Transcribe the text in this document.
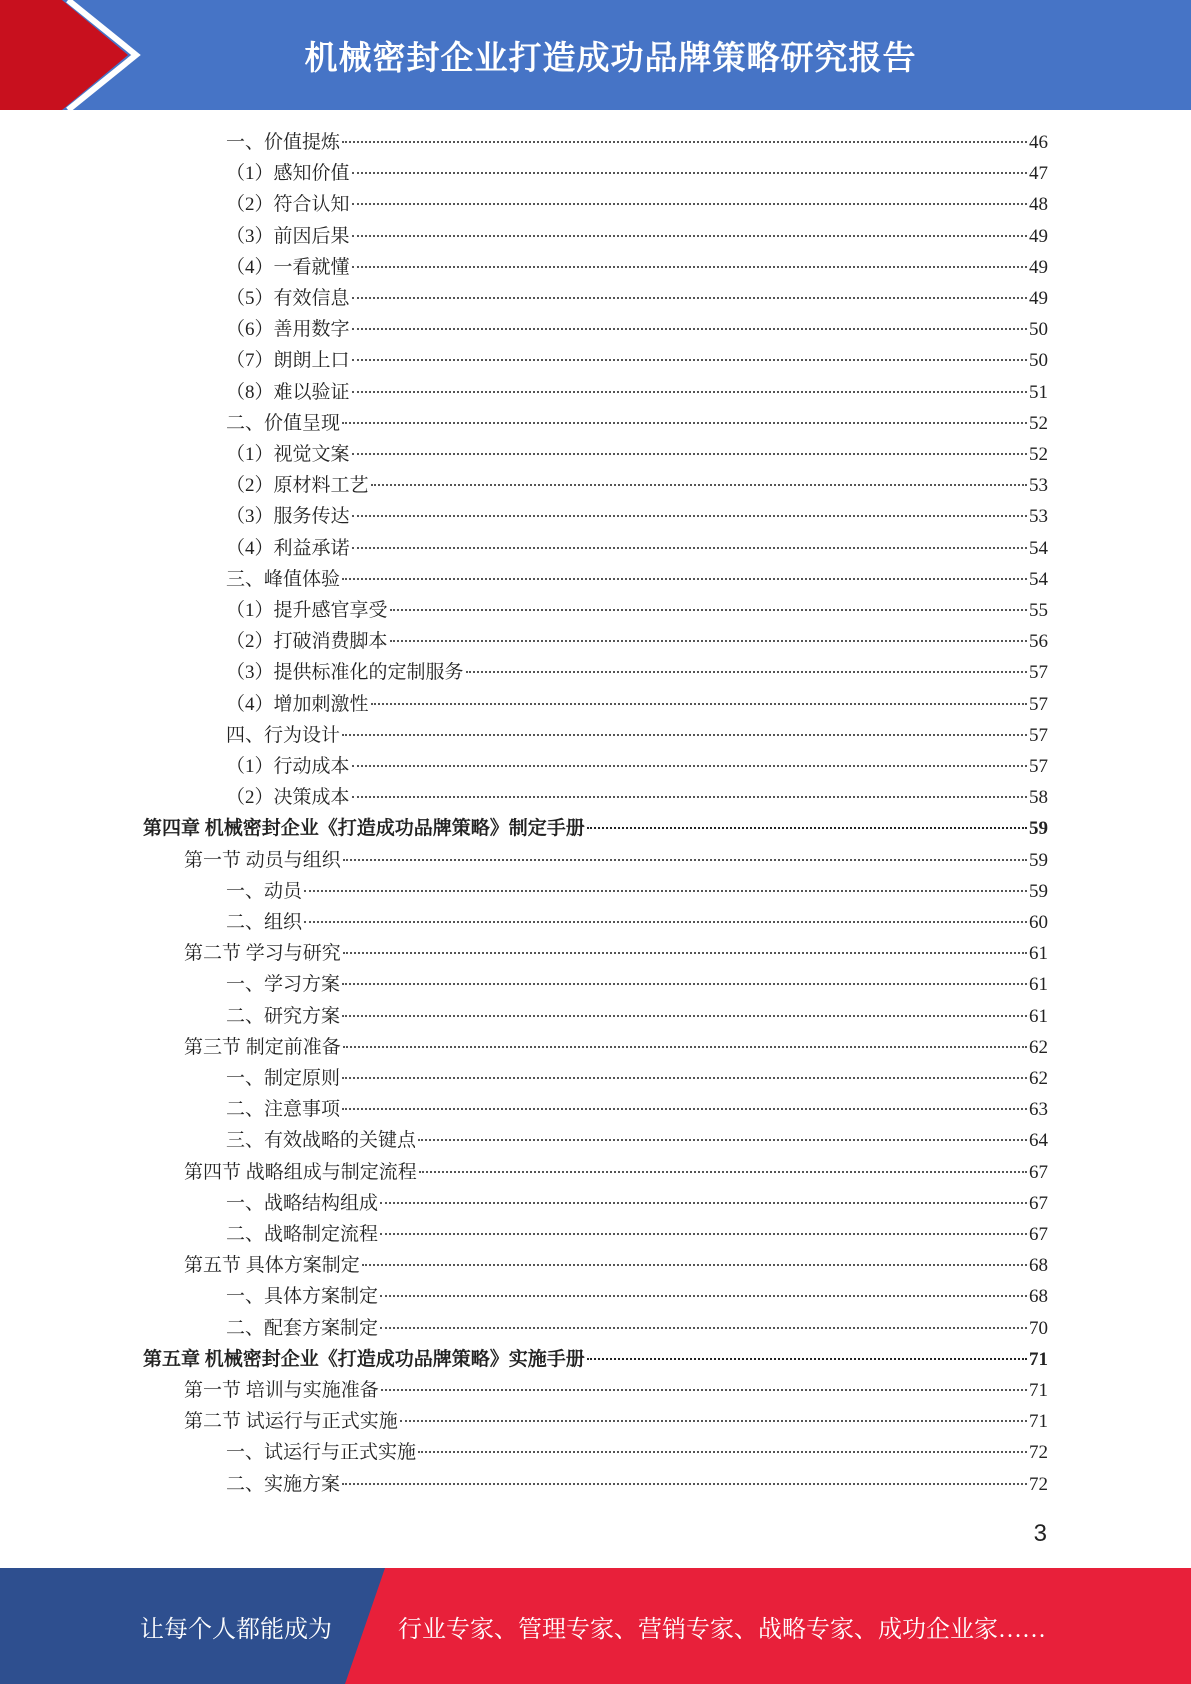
机械密封企业打造成功品牌策略研究报告
一、价值提炼	46
（1）感知价值	47
（2）符合认知	48
（3）前因后果	49
（4）一看就懂	49
（5）有效信息	49
（6）善用数字	50
（7）朗朗上口	50
（8）难以验证	51
二、价值呈现	52
（1）视觉文案	52
（2）原材料工艺	53
（3）服务传达	53
（4）利益承诺	54
三、峰值体验	54
（1）提升感官享受	55
（2）打破消费脚本	56
（3）提供标准化的定制服务	57
（4）增加刺激性	57
四、行为设计	57
（1）行动成本	57
（2）决策成本	58
第四章 机械密封企业《打造成功品牌策略》制定手册	59
第一节 动员与组织	59
一、动员	59
二、组织	60
第二节 学习与研究	61
一、学习方案	61
二、研究方案	61
第三节 制定前准备	62
一、制定原则	62
二、注意事项	63
三、有效战略的关键点	64
第四节 战略组成与制定流程	67
一、战略结构组成	67
二、战略制定流程	67
第五节 具体方案制定	68
一、具体方案制定	68
二、配套方案制定	70
第五章 机械密封企业《打造成功品牌策略》实施手册	71
第一节 培训与实施准备	71
第二节 试运行与正式实施	71
一、试运行与正式实施	72
二、实施方案	72
3
让每个人都能成为	行业专家、管理专家、营销专家、战略专家、成功企业家……
